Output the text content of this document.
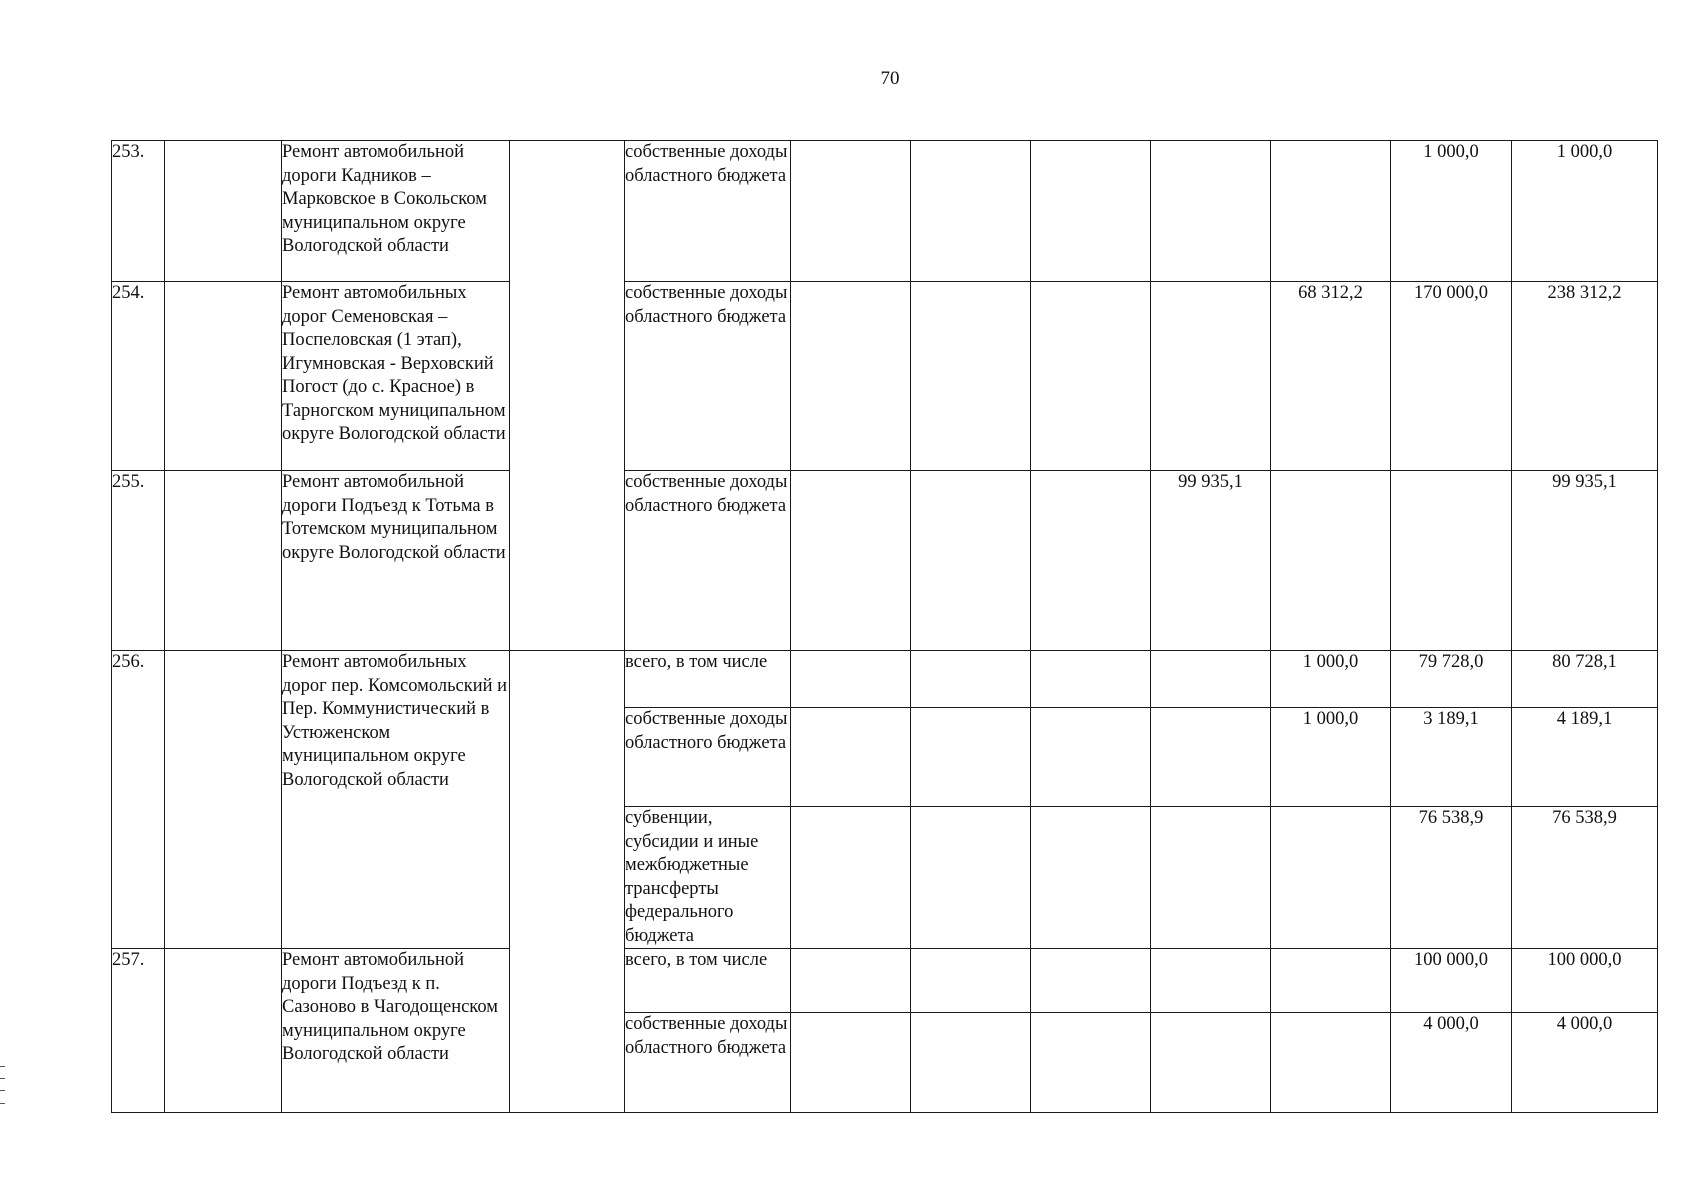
70
253.		Ремонт автомобильной дороги Кадников – Марковское в Сокольском муниципальном округе Вологодской области		собственные доходы областного бюджета						1 000,0	1 000,0
254.		Ремонт автомобильных дорог Семеновская – Поспеловская (1 этап), Игумновская - Верховский Погост (до с. Красное) в Тарногском муниципальном округе Вологодской области		собственные доходы областного бюджета					68 312,2	170 000,0	238 312,2
255.		Ремонт автомобильной дороги Подъезд к Тотьма в Тотемском муниципальном округе Вологодской области		собственные доходы областного бюджета				99 935,1			99 935,1
256.		Ремонт автомобильных дорог пер. Комсомольский и Пер. Коммунистический в Устюженском муниципальном округе Вологодской области		всего, в том числе					1 000,0	79 728,0	80 728,1
				собственные доходы областного бюджета					1 000,0	3 189,1	4 189,1
				субвенции, субсидии и иные межбюджетные трансферты федерального бюджета						76 538,9	76 538,9
257.		Ремонт автомобильной дороги Подъезд к п. Сазоново в Чагодощенском муниципальном округе Вологодской области		всего, в том числе						100 000,0	100 000,0
				собственные доходы областного бюджета						4 000,0	4 000,0
